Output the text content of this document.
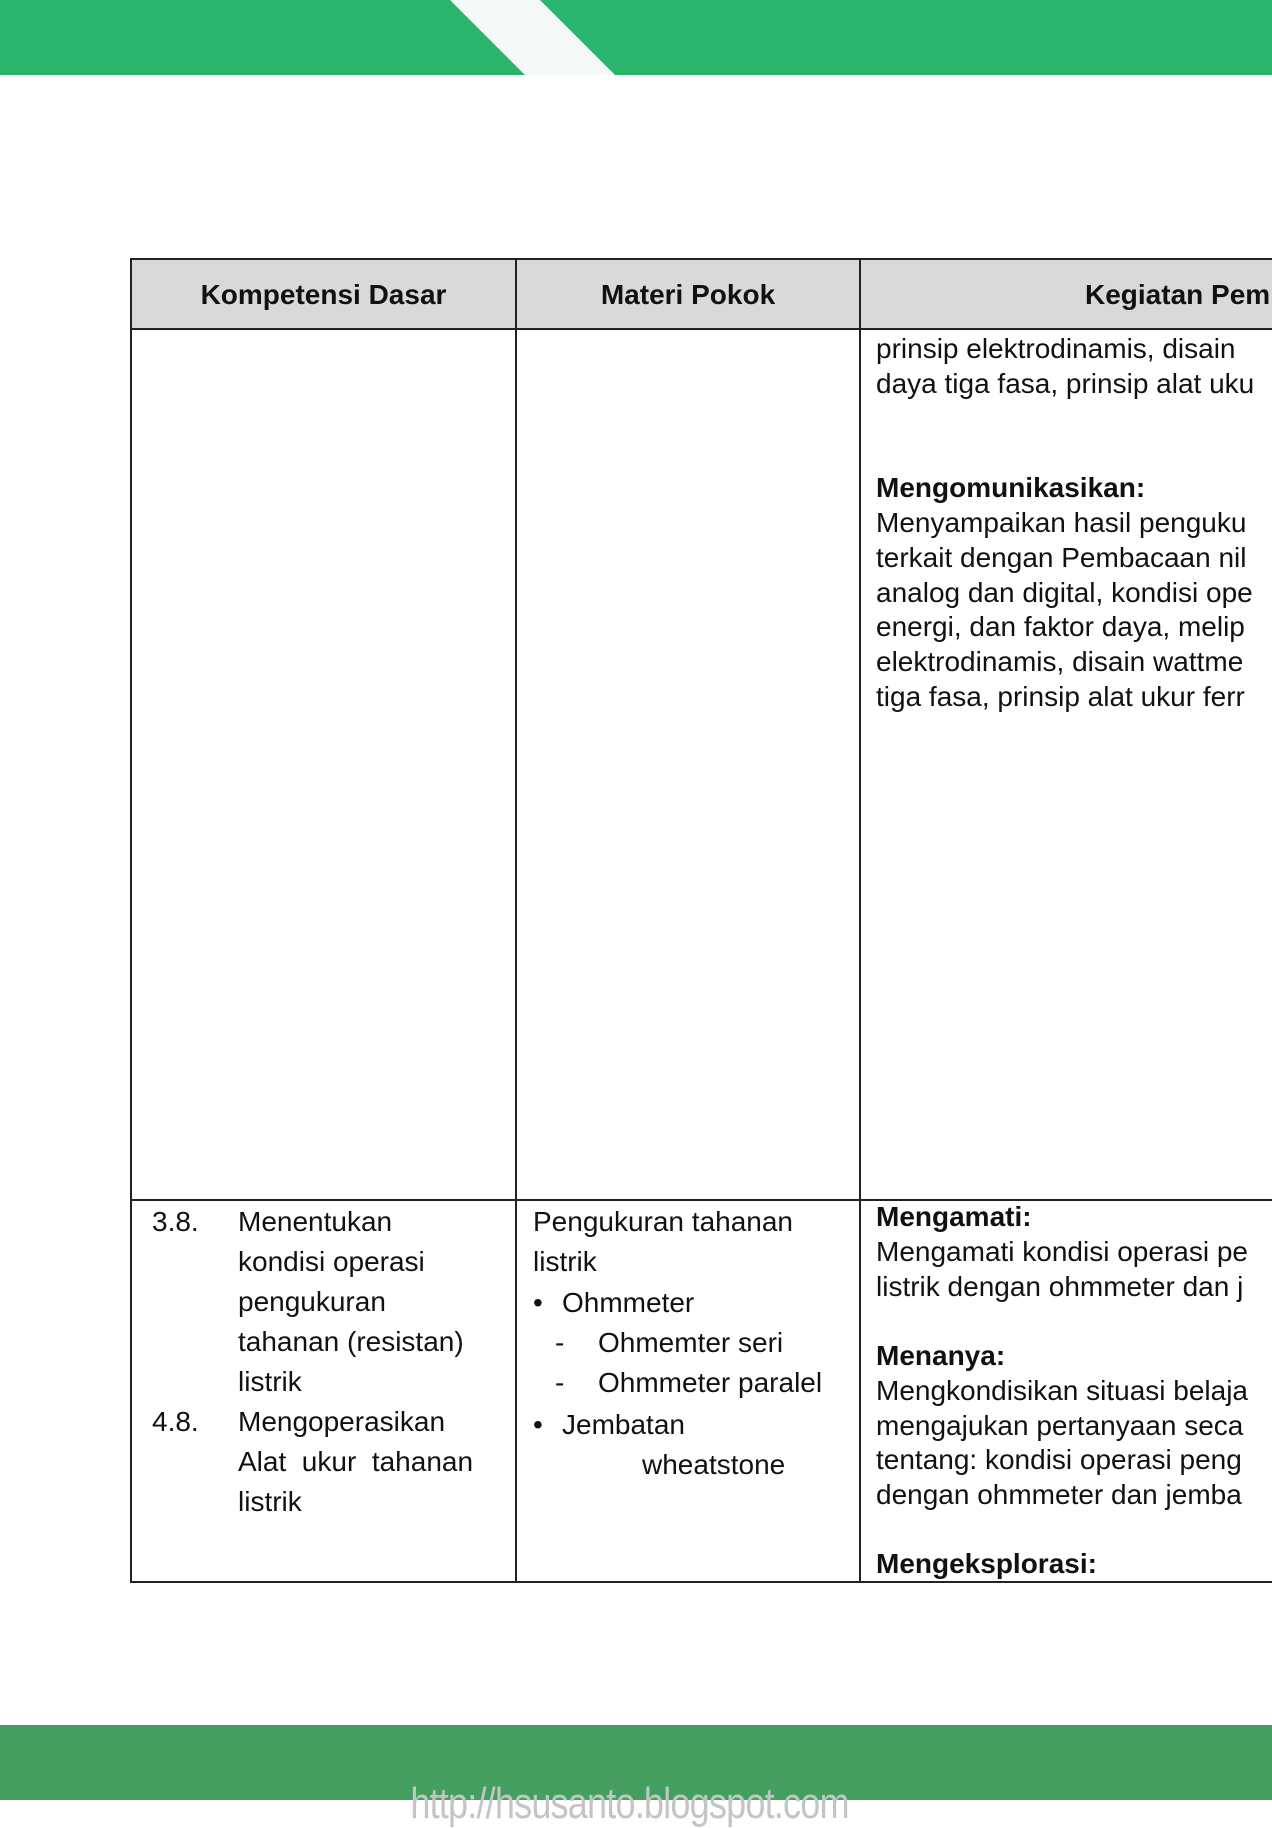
Kompetensi Dasar	Materi Pokok	Kegiatan Pem
prinsip elektrodinamis, disain
daya tiga fasa, prinsip alat uku
Mengomunikasikan:
Menyampaikan hasil penguku
terkait dengan Pembacaan nil
analog dan digital, kondisi ope
energi, dan faktor daya, melip
elektrodinamis, disain wattme
tiga fasa, prinsip alat ukur ferr
3.8. Menentukan
kondisi operasi
pengukuran
tahanan (resistan)
listrik
4.8. Mengoperasikan
Alat  ukur  tahanan
listrik
Pengukuran tahanan
listrik
• Ohmmeter
- Ohmemter seri
- Ohmmeter paralel
• Jembatan
wheatstone
Mengamati:
Mengamati kondisi operasi pe
listrik dengan ohmmeter dan j
Menanya:
Mengkondisikan situasi belaja
mengajukan pertanyaan seca
tentang: kondisi operasi peng
dengan ohmmeter dan jemba
Mengeksplorasi:
http://hsusanto.blogspot.com
